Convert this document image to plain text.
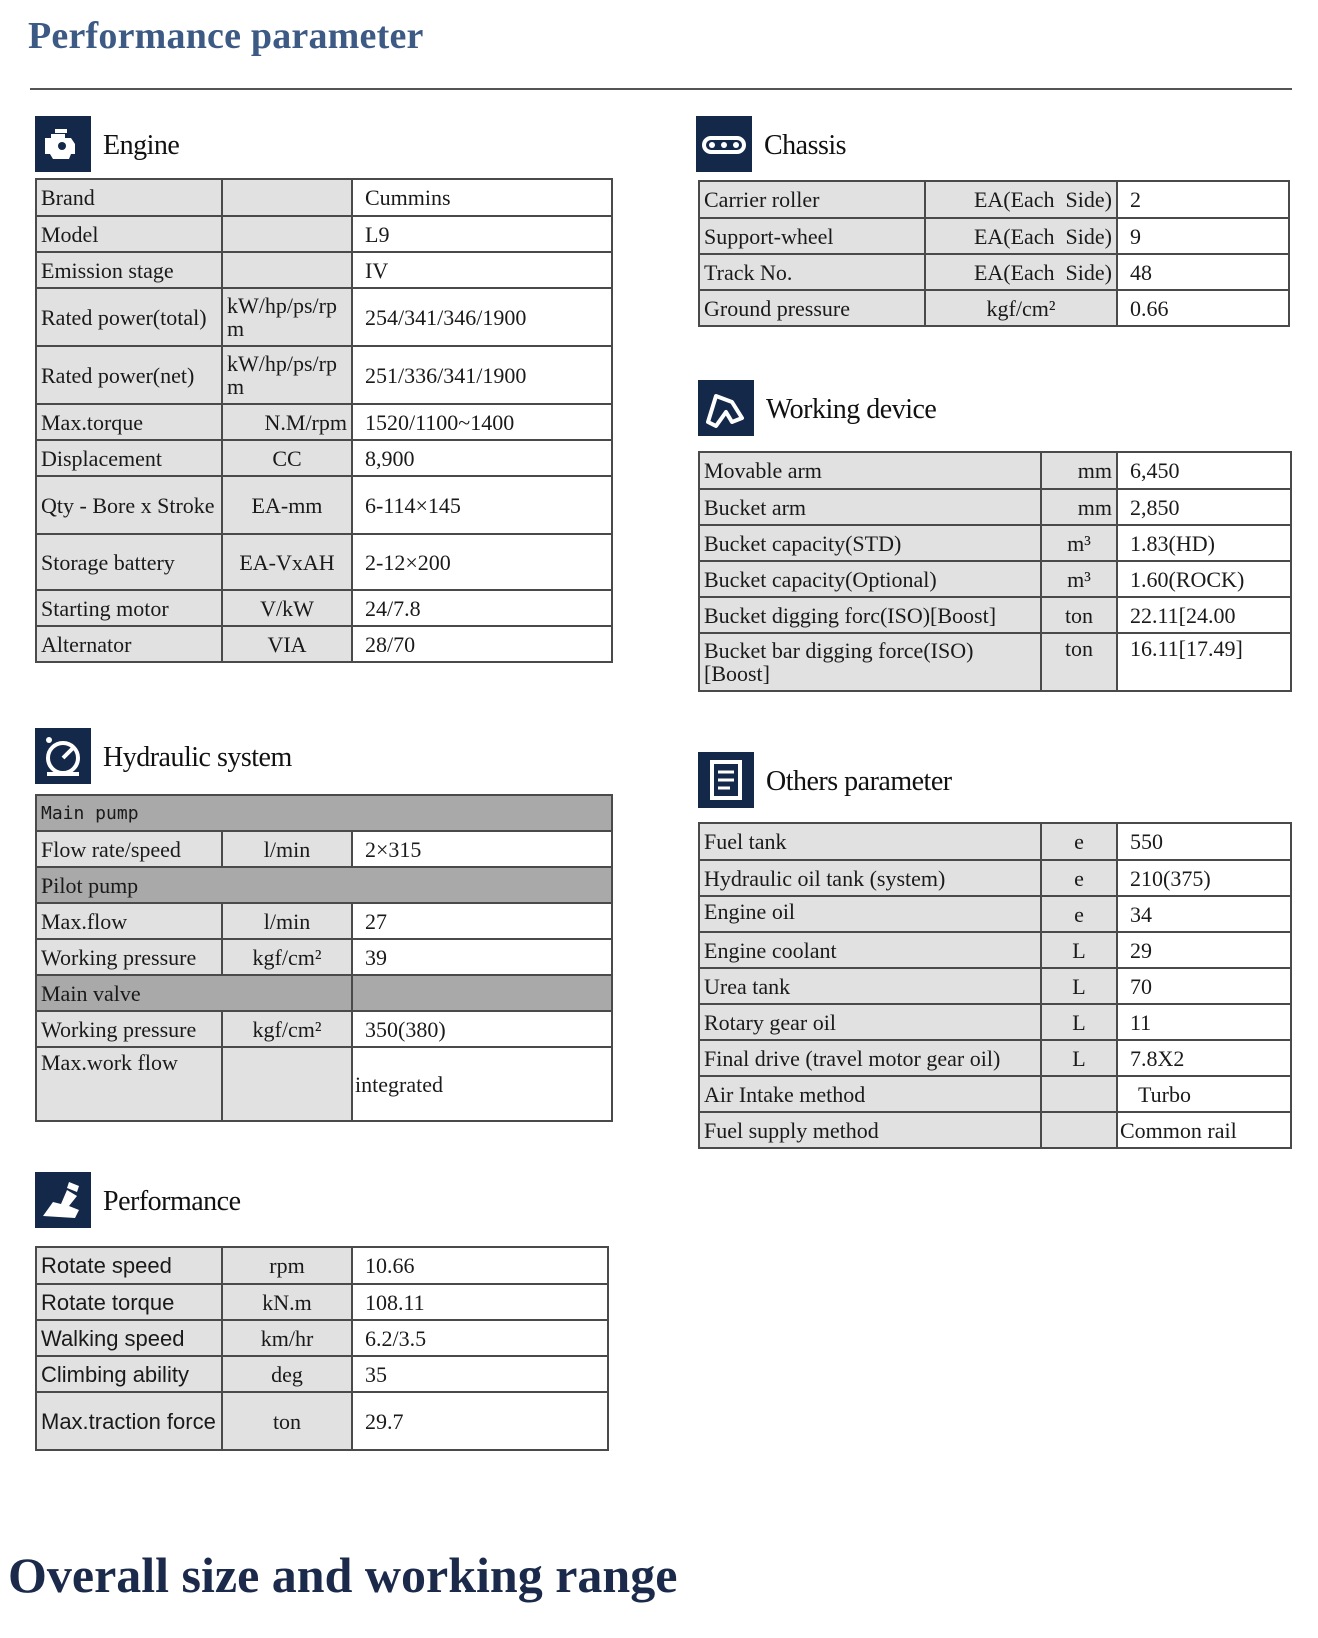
Performance parameter
Engine
Brand		Cummins
Model		L9
Emission stage		IV
Rated power(total)	kW/hp/ps/rpm	254/341/346/1900
Rated power(net)	kW/hp/ps/rpm	251/336/341/1900
Max.torque	N.M/rpm	1520/1100~1400
Displacement	CC	8,900
Qty - Bore x Stroke	EA-mm	6-114×145
Storage battery	EA-VxAH	2-12×200
Starting motor	V/kW	24/7.8
Alternator	VIA	28/70
Hydraulic system
Main pump		
Flow rate/speed	l/min	2×315
Pilot pump		
Max.flow	l/min	27
Working pressure	kgf/cm²	39
Main valve		
Working pressure	kgf/cm²	350(380)
Max.work flow		integrated
Performance
Rotate speed	rpm	10.66
Rotate torque	kN.m	108.11
Walking speed	km/hr	6.2/3.5
Climbing ability	deg	35
Max.traction force	ton	29.7
Chassis
Carrier roller	EA(Each  Side)	2
Support-wheel	EA(Each  Side)	9
Track No.	EA(Each  Side)	48
Ground pressure	kgf/cm²	0.66
Working device
Movable arm	mm	6,450
Bucket arm	mm	2,850
Bucket capacity(STD)	m³	1.83(HD)
Bucket capacity(Optional)	m³	1.60(ROCK)
Bucket digging forc(ISO)[Boost]	ton	22.11[24.00
Bucket bar digging force(ISO)[Boost]	ton	16.11[17.49]
Others parameter
Fuel tank	e	550
Hydraulic oil tank (system)	e	210(375)
Engine oil	e	34
Engine coolant	L	29
Urea tank	L	70
Rotary gear oil	L	11
Final drive (travel motor gear oil)	L	7.8X2
Air Intake method		Turbo
Fuel supply method		Common rail
Overall size and working range
